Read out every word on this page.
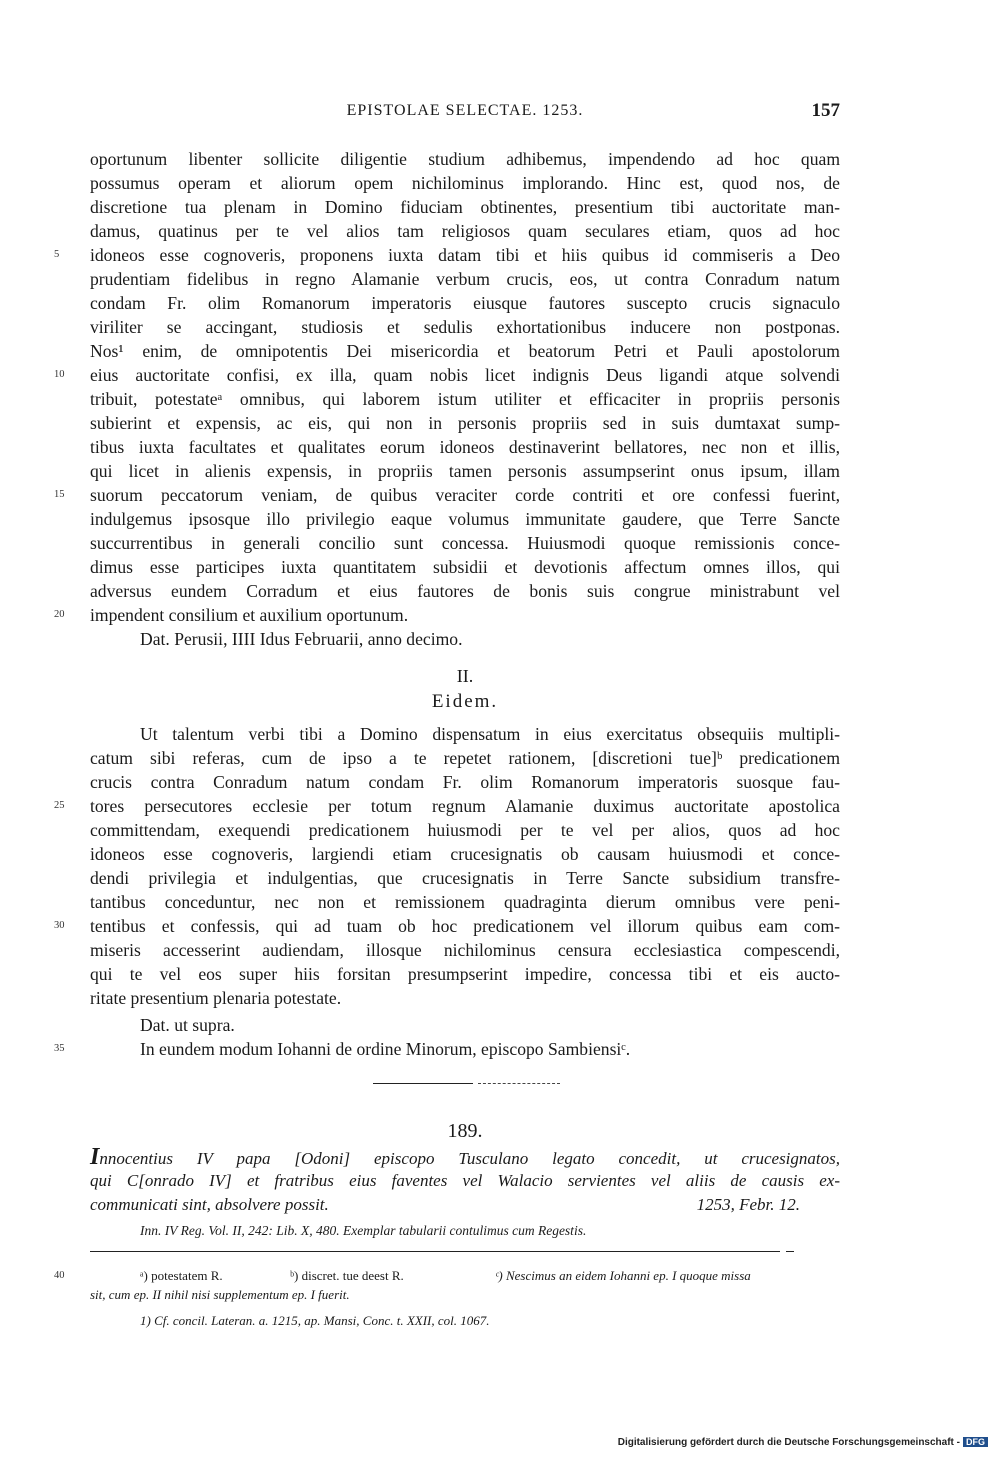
EPISTOLAE SELECTAE. 1253.	157
oportunum libenter sollicite diligentie studium adhibemus, impendendo ad hoc quam
possumus operam et aliorum opem nichilominus implorando. Hinc est, quod nos, de
discretione tua plenam in Domino fiduciam obtinentes, presentium tibi auctoritate man-
damus, quatinus per te vel alios tam religiosos quam seculares etiam, quos ad hoc
idoneos esse cognoveris, proponens iuxta datam tibi et hiis quibus id commiseris a Deo
prudentiam fidelibus in regno Alamanie verbum crucis, eos, ut contra Conradum natum
condam Fr. olim Romanorum imperatoris eiusque fautores suscepto crucis signaculo
viriliter se accingant, studiosis et sedulis exhortationibus inducere non postponas.
Nos¹ enim, de omnipotentis Dei misericordia et beatorum Petri et Pauli apostolorum
eius auctoritate confisi, ex illa, quam nobis licet indignis Deus ligandi atque solvendi
tribuit, potestateᵃ omnibus, qui laborem istum utiliter et efficaciter in propriis personis
subierint et expensis, ac eis, qui non in personis propriis sed in suis dumtaxat sump-
tibus iuxta facultates et qualitates eorum idoneos destinaverint bellatores, nec non et illis,
qui licet in alienis expensis, in propriis tamen personis assumpserint onus ipsum, illam
suorum peccatorum veniam, de quibus veraciter corde contriti et ore confessi fuerint,
indulgemus ipsosque illo privilegio eaque volumus immunitate gaudere, que Terre Sancte
succurrentibus in generali concilio sunt concessa. Huiusmodi quoque remissionis conce-
dimus esse participes iuxta quantitatem subsidii et devotionis affectum omnes illos, qui
adversus eundem Corradum et eius fautores de bonis suis congrue ministrabunt vel
impendent consilium et auxilium oportunum.
Dat. Perusii, IIII Idus Februarii, anno decimo.
II.
Eidem.
Ut talentum verbi tibi a Domino dispensatum in eius exercitatus obsequiis multipli-
catum sibi referas, cum de ipso a te repetet rationem, [discretioni tue]ᵇ predicationem
crucis contra Conradum natum condam Fr. olim Romanorum imperatoris suosque fau-
tores persecutores ecclesie per totum regnum Alamanie duximus auctoritate apostolica
committendam, exequendi predicationem huiusmodi per te vel per alios, quos ad hoc
idoneos esse cognoveris, largiendi etiam crucesignatis ob causam huiusmodi et conce-
dendi privilegia et indulgentias, que crucesignatis in Terre Sancte subsidium transfre-
tantibus conceduntur, nec non et remissionem quadraginta dierum omnibus vere peni-
tentibus et confessis, qui ad tuam ob hoc predicationem vel illorum quibus eam com-
miseris accesserint audiendam, illosque nichilominus censura ecclesiastica compescendi,
qui te vel eos super hiis forsitan presumpserint impedire, concessa tibi et eis aucto-
ritate presentium plenaria potestate.
Dat. ut supra.
In eundem modum Iohanni de ordine Minorum, episcopo Sambiensiᶜ.
189.
Innocentius IV papa [Odoni] episcopo Tusculano legato concedit, ut crucesignatos,
qui C[onrado IV] et fratribus eius faventes vel Walacio servientes vel aliis de causis ex-
communicati sint, absolvere possit.	1253, Febr. 12.
Inn. IV Reg. Vol. II, 242: Lib. X, 480. Exemplar tabularii contulimus cum Regestis.
ᵃ) potestatem R.	ᵇ) discret. tue deest R.	ᶜ) Nescimus an eidem Iohanni ep. I quoque missa
sit, cum ep. II nihil nisi supplementum ep. I fuerit.
1) Cf. concil. Lateran. a. 1215, ap. Mansi, Conc. t. XXII, col. 1067.
5
10
15
20
25
30
35
40
Digitalisierung gefördert durch die Deutsche Forschungsgemeinschaft - DFG
